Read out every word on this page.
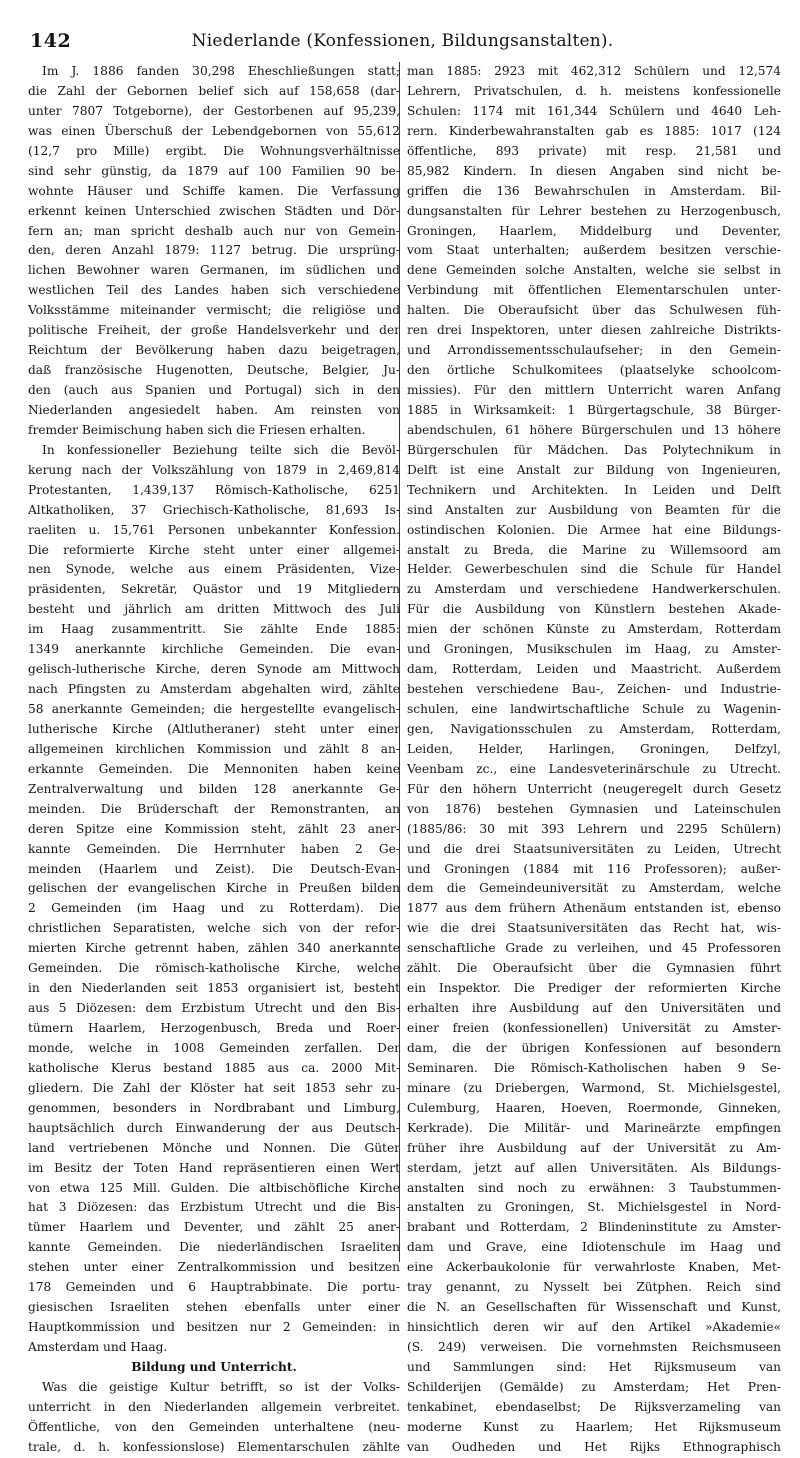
142	Niederlande (Konfessionen, Bildungsanstalten).
Im J. 1886 fanden 30,298 Eheschließungen statt;
die Zahl der Gebornen belief sich auf 158,658 (dar-
unter 7807 Totgeborne), der Gestorbenen auf 95,239,
was einen Überschuß der Lebendgebornen von 55,612
(12,7 pro Mille) ergibt. Die Wohnungsverhältnisse
sind sehr günstig, da 1879 auf 100 Familien 90 be-
wohnte Häuser und Schiffe kamen. Die Verfassung
erkennt keinen Unterschied zwischen Städten und Dör-
fern an; man spricht deshalb auch nur von Gemein-
den, deren Anzahl 1879: 1127 betrug. Die ursprüng-
lichen Bewohner waren Germanen, im südlichen und
westlichen Teil des Landes haben sich verschiedene
Volksstämme miteinander vermischt; die religiöse und
politische Freiheit, der große Handelsverkehr und der
Reichtum der Bevölkerung haben dazu beigetragen,
daß französische Hugenotten, Deutsche, Belgier, Ju-
den (auch aus Spanien und Portugal) sich in den
Niederlanden angesiedelt haben. Am reinsten von
fremder Beimischung haben sich die Friesen erhalten.
In konfessioneller Beziehung teilte sich die Bevöl-
kerung nach der Volkszählung von 1879 in 2,469,814
Protestanten, 1,439,137 Römisch-Katholische, 6251
Altkatholiken, 37 Griechisch-Katholische, 81,693 Is-
raeliten u. 15,761 Personen unbekannter Konfession.
Die reformierte Kirche steht unter einer allgemei-
nen Synode, welche aus einem Präsidenten, Vize-
präsidenten, Sekretär, Quästor und 19 Mitgliedern
besteht und jährlich am dritten Mittwoch des Juli
im Haag zusammentritt. Sie zählte Ende 1885:
1349 anerkannte kirchliche Gemeinden. Die evan-
gelisch-lutherische Kirche, deren Synode am Mittwoch
nach Pfingsten zu Amsterdam abgehalten wird, zählte
58 anerkannte Gemeinden; die hergestellte evangelisch-
lutherische Kirche (Altlutheraner) steht unter einer
allgemeinen kirchlichen Kommission und zählt 8 an-
erkannte Gemeinden. Die Mennoniten haben keine
Zentralverwaltung und bilden 128 anerkannte Ge-
meinden. Die Brüderschaft der Remonstranten, an
deren Spitze eine Kommission steht, zählt 23 aner-
kannte Gemeinden. Die Herrnhuter haben 2 Ge-
meinden (Haarlem und Zeist). Die Deutsch-Evan-
gelischen der evangelischen Kirche in Preußen bilden
2 Gemeinden (im Haag und zu Rotterdam). Die
christlichen Separatisten, welche sich von der refor-
mierten Kirche getrennt haben, zählen 340 anerkannte
Gemeinden. Die römisch-katholische Kirche, welche
in den Niederlanden seit 1853 organisiert ist, besteht
aus 5 Diözesen: dem Erzbistum Utrecht und den Bis-
tümern Haarlem, Herzogenbusch, Breda und Roer-
monde, welche in 1008 Gemeinden zerfallen. Der
katholische Klerus bestand 1885 aus ca. 2000 Mit-
gliedern. Die Zahl der Klöster hat seit 1853 sehr zu-
genommen, besonders in Nordbrabant und Limburg,
hauptsächlich durch Einwanderung der aus Deutsch-
land vertriebenen Mönche und Nonnen. Die Güter
im Besitz der Toten Hand repräsentieren einen Wert
von etwa 125 Mill. Gulden. Die altbischöfliche Kirche
hat 3 Diözesen: das Erzbistum Utrecht und die Bis-
tümer Haarlem und Deventer, und zählt 25 aner-
kannte Gemeinden. Die niederländischen Israeliten
stehen unter einer Zentralkommission und besitzen
178 Gemeinden und 6 Hauptrabbinate. Die portu-
giesischen Israeliten stehen ebenfalls unter einer
Hauptkommission und besitzen nur 2 Gemeinden: in
Amsterdam und Haag.
Bildung und Unterricht.
Was die geistige Kultur betrifft, so ist der Volks-
unterricht in den Niederlanden allgemein verbreitet.
Öffentliche, von den Gemeinden unterhaltene (neu-
trale, d. h. konfessionslose) Elementarschulen zählte
man 1885: 2923 mit 462,312 Schülern und 12,574
Lehrern, Privatschulen, d. h. meistens konfessionelle
Schulen: 1174 mit 161,344 Schülern und 4640 Leh-
rern. Kinderbewahranstalten gab es 1885: 1017 (124
öffentliche, 893 private) mit resp. 21,581 und
85,982 Kindern. In diesen Angaben sind nicht be-
griffen die 136 Bewahrschulen in Amsterdam. Bil-
dungsanstalten für Lehrer bestehen zu Herzogenbusch,
Groningen, Haarlem, Middelburg und Deventer,
vom Staat unterhalten; außerdem besitzen verschie-
dene Gemeinden solche Anstalten, welche sie selbst in
Verbindung mit öffentlichen Elementarschulen unter-
halten. Die Oberaufsicht über das Schulwesen füh-
ren drei Inspektoren, unter diesen zahlreiche Distrikts-
und Arrondissementsschulaufseher; in den Gemein-
den örtliche Schulkomitees (plaatselyke schoolcom-
missies). Für den mittlern Unterricht waren Anfang
1885 in Wirksamkeit: 1 Bürgertagschule, 38 Bürger-
abendschulen, 61 höhere Bürgerschulen und 13 höhere
Bürgerschulen für Mädchen. Das Polytechnikum in
Delft ist eine Anstalt zur Bildung von Ingenieuren,
Technikern und Architekten. In Leiden und Delft
sind Anstalten zur Ausbildung von Beamten für die
ostindischen Kolonien. Die Armee hat eine Bildungs-
anstalt zu Breda, die Marine zu Willemsoord am
Helder. Gewerbeschulen sind die Schule für Handel
zu Amsterdam und verschiedene Handwerkerschulen.
Für die Ausbildung von Künstlern bestehen Akade-
mien der schönen Künste zu Amsterdam, Rotterdam
und Groningen, Musikschulen im Haag, zu Amster-
dam, Rotterdam, Leiden und Maastricht. Außerdem
bestehen verschiedene Bau-, Zeichen- und Industrie-
schulen, eine landwirtschaftliche Schule zu Wagenin-
gen, Navigationsschulen zu Amsterdam, Rotterdam,
Leiden, Helder, Harlingen, Groningen, Delfzyl,
Veenbam zc., eine Landesveterinärschule zu Utrecht.
Für den höhern Unterricht (neugeregelt durch Gesetz
von 1876) bestehen Gymnasien und Lateinschulen
(1885/86: 30 mit 393 Lehrern und 2295 Schülern)
und die drei Staatsuniversitäten zu Leiden, Utrecht
und Groningen (1884 mit 116 Professoren); außer-
dem die Gemeindeuniversität zu Amsterdam, welche
1877 aus dem frühern Athenäum entstanden ist, ebenso
wie die drei Staatsuniversitäten das Recht hat, wis-
senschaftliche Grade zu verleihen, und 45 Professoren
zählt. Die Oberaufsicht über die Gymnasien führt
ein Inspektor. Die Prediger der reformierten Kirche
erhalten ihre Ausbildung auf den Universitäten und
einer freien (konfessionellen) Universität zu Amster-
dam, die der übrigen Konfessionen auf besondern
Seminaren. Die Römisch-Katholischen haben 9 Se-
minare (zu Driebergen, Warmond, St. Michielsgestel,
Culemburg, Haaren, Hoeven, Roermonde, Ginneken,
Kerkrade). Die Militär- und Marineärzte empfingen
früher ihre Ausbildung auf der Universität zu Am-
sterdam, jetzt auf allen Universitäten. Als Bildungs-
anstalten sind noch zu erwähnen: 3 Taubstummen-
anstalten zu Groningen, St. Michielsgestel in Nord-
brabant und Rotterdam, 2 Blindeninstitute zu Amster-
dam und Grave, eine Idiotenschule im Haag und
eine Ackerbaukolonie für verwahrloste Knaben, Met-
tray genannt, zu Nysselt bei Zütphen. Reich sind
die N. an Gesellschaften für Wissenschaft und Kunst,
hinsichtlich deren wir auf den Artikel »Akademie«
(S. 249) verweisen. Die vornehmsten Reichsmuseen
und Sammlungen sind: Het Rijksmuseum van
Schilderijen (Gemälde) zu Amsterdam; Het Pren-
tenkabinet, ebendaselbst; De Rijksverzameling van
moderne Kunst zu Haarlem; Het Rijksmuseum
van Oudheden und Het Rijks Ethnographisch
